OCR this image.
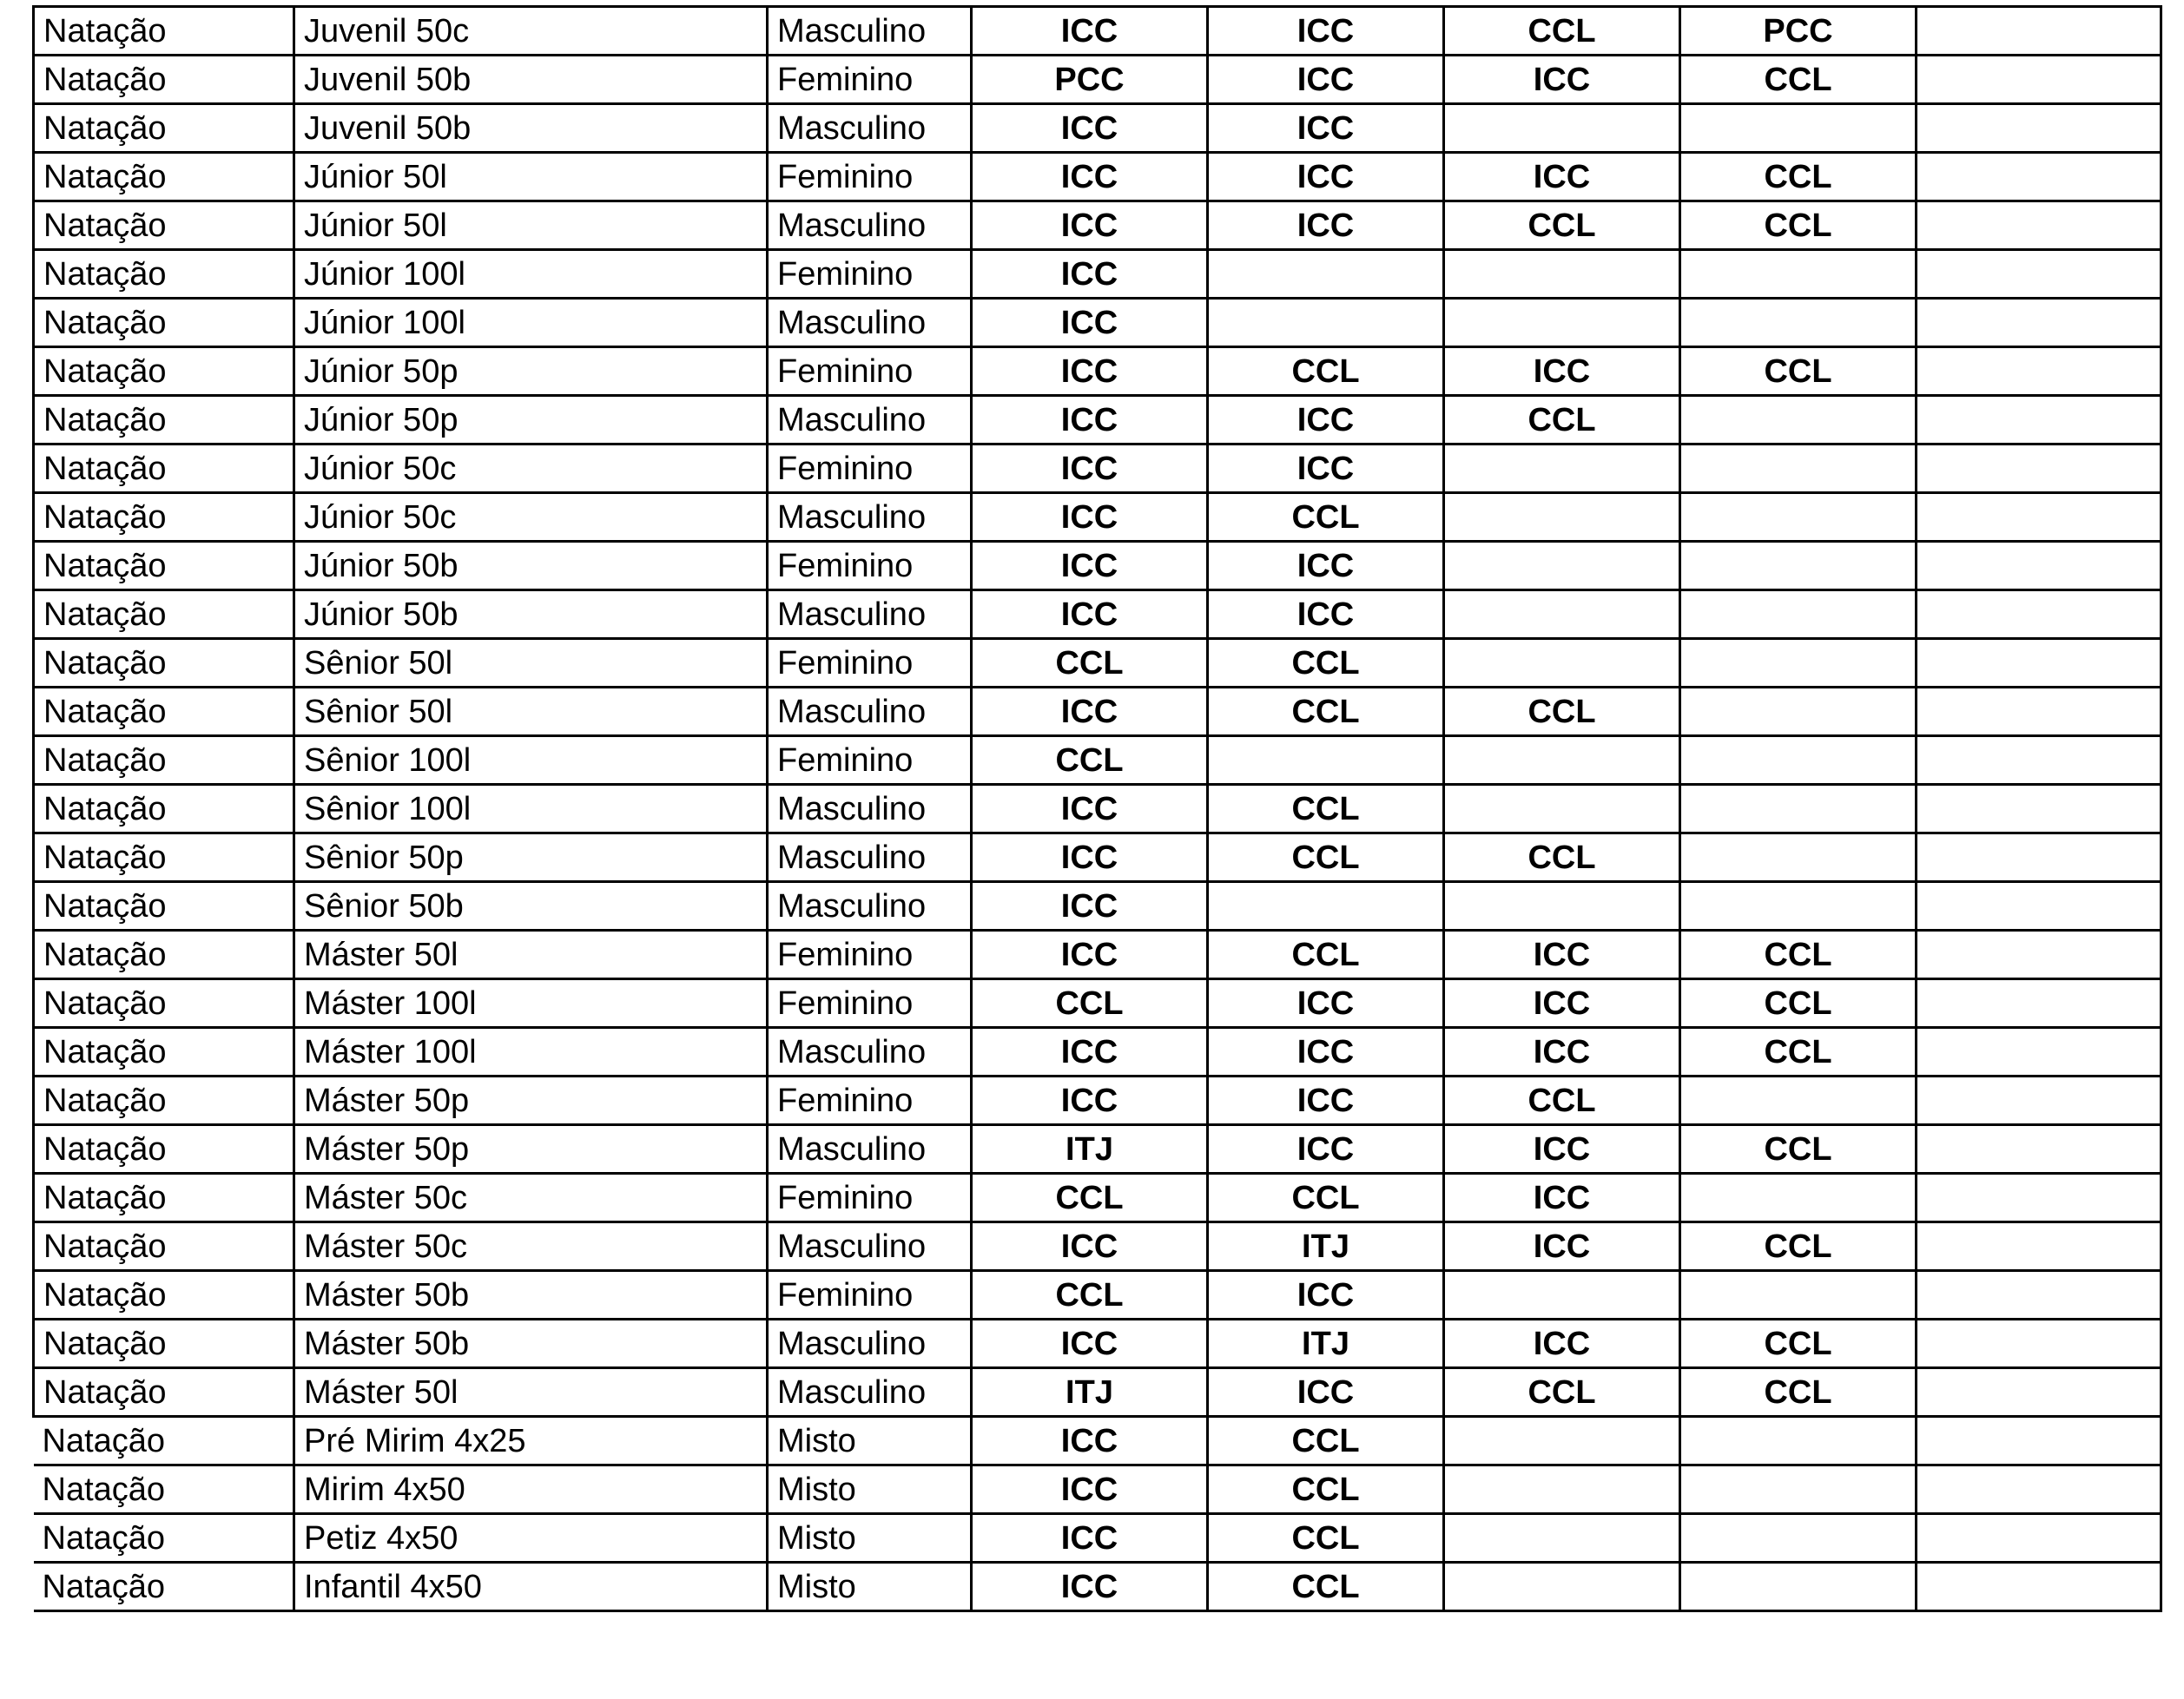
Natação	Juvenil 50c	Masculino	ICC	ICC	CCL	PCC	
Natação	Juvenil 50b	Feminino	PCC	ICC	ICC	CCL	
Natação	Juvenil 50b	Masculino	ICC	ICC			
Natação	Júnior 50l	Feminino	ICC	ICC	ICC	CCL	
Natação	Júnior 50l	Masculino	ICC	ICC	CCL	CCL	
Natação	Júnior 100l	Feminino	ICC				
Natação	Júnior 100l	Masculino	ICC				
Natação	Júnior 50p	Feminino	ICC	CCL	ICC	CCL	
Natação	Júnior 50p	Masculino	ICC	ICC	CCL		
Natação	Júnior 50c	Feminino	ICC	ICC			
Natação	Júnior 50c	Masculino	ICC	CCL			
Natação	Júnior 50b	Feminino	ICC	ICC			
Natação	Júnior 50b	Masculino	ICC	ICC			
Natação	Sênior 50l	Feminino	CCL	CCL			
Natação	Sênior 50l	Masculino	ICC	CCL	CCL		
Natação	Sênior 100l	Feminino	CCL				
Natação	Sênior 100l	Masculino	ICC	CCL			
Natação	Sênior 50p	Masculino	ICC	CCL	CCL		
Natação	Sênior 50b	Masculino	ICC				
Natação	Máster 50l	Feminino	ICC	CCL	ICC	CCL	
Natação	Máster 100l	Feminino	CCL	ICC	ICC	CCL	
Natação	Máster 100l	Masculino	ICC	ICC	ICC	CCL	
Natação	Máster 50p	Feminino	ICC	ICC	CCL		
Natação	Máster 50p	Masculino	ITJ	ICC	ICC	CCL	
Natação	Máster 50c	Feminino	CCL	CCL	ICC		
Natação	Máster 50c	Masculino	ICC	ITJ	ICC	CCL	
Natação	Máster 50b	Feminino	CCL	ICC			
Natação	Máster 50b	Masculino	ICC	ITJ	ICC	CCL	
Natação	Máster 50l	Masculino	ITJ	ICC	CCL	CCL	
Natação	Pré Mirim 4x25	Misto	ICC	CCL			
Natação	Mirim 4x50	Misto	ICC	CCL			
Natação	Petiz 4x50	Misto	ICC	CCL			
Natação	Infantil 4x50	Misto	ICC	CCL			
